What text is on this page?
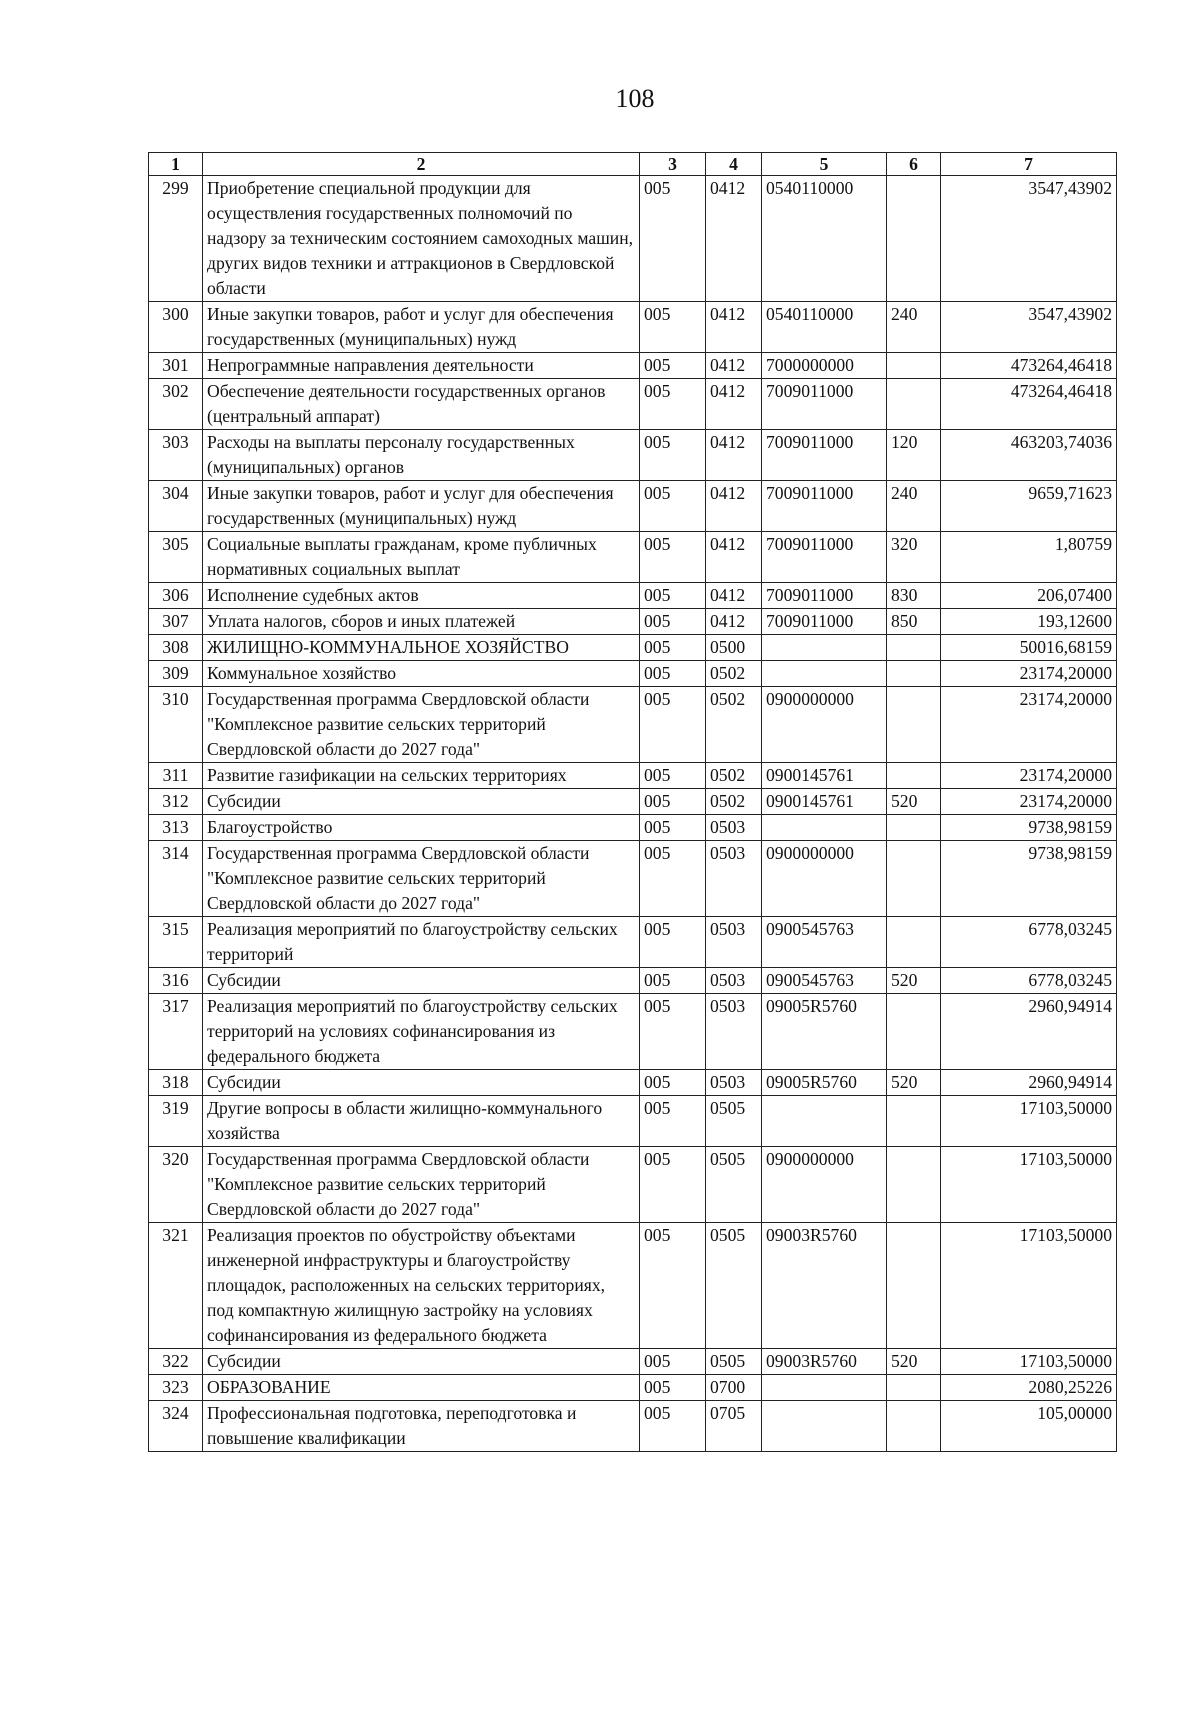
108
1	2	3	4	5	6	7
299	Приобретение специальной продукции для осуществления государственных полномочий по надзору за техническим состоянием самоходных машин, других видов техники и аттракционов в Свердловской области	005	0412	0540110000		3547,43902
300	Иные закупки товаров, работ и услуг для обеспечения государственных (муниципальных) нужд	005	0412	0540110000	240	3547,43902
301	Непрограммные направления деятельности	005	0412	7000000000		473264,46418
302	Обеспечение деятельности государственных органов (центральный аппарат)	005	0412	7009011000		473264,46418
303	Расходы на выплаты персоналу государственных (муниципальных) органов	005	0412	7009011000	120	463203,74036
304	Иные закупки товаров, работ и услуг для обеспечения государственных (муниципальных) нужд	005	0412	7009011000	240	9659,71623
305	Социальные выплаты гражданам, кроме публичных нормативных социальных выплат	005	0412	7009011000	320	1,80759
306	Исполнение судебных актов	005	0412	7009011000	830	206,07400
307	Уплата налогов, сборов и иных платежей	005	0412	7009011000	850	193,12600
308	ЖИЛИЩНО-КОММУНАЛЬНОЕ ХОЗЯЙСТВО	005	0500			50016,68159
309	Коммунальное хозяйство	005	0502			23174,20000
310	Государственная программа Свердловской области "Комплексное развитие сельских территорий Свердловской области до 2027 года"	005	0502	0900000000		23174,20000
311	Развитие газификации на сельских территориях	005	0502	0900145761		23174,20000
312	Субсидии	005	0502	0900145761	520	23174,20000
313	Благоустройство	005	0503			9738,98159
314	Государственная программа Свердловской области "Комплексное развитие сельских территорий Свердловской области до 2027 года"	005	0503	0900000000		9738,98159
315	Реализация мероприятий по благоустройству сельских территорий	005	0503	0900545763		6778,03245
316	Субсидии	005	0503	0900545763	520	6778,03245
317	Реализация мероприятий по благоустройству сельских территорий на условиях софинансирования из федерального бюджета	005	0503	09005R5760		2960,94914
318	Субсидии	005	0503	09005R5760	520	2960,94914
319	Другие вопросы в области жилищно-коммунального хозяйства	005	0505			17103,50000
320	Государственная программа Свердловской области "Комплексное развитие сельских территорий Свердловской области до 2027 года"	005	0505	0900000000		17103,50000
321	Реализация проектов по обустройству объектами инженерной инфраструктуры и благоустройству площадок, расположенных на сельских территориях, под компактную жилищную застройку на условиях софинансирования из федерального бюджета	005	0505	09003R5760		17103,50000
322	Субсидии	005	0505	09003R5760	520	17103,50000
323	ОБРАЗОВАНИЕ	005	0700			2080,25226
324	Профессиональная подготовка, переподготовка и повышение квалификации	005	0705			105,00000
